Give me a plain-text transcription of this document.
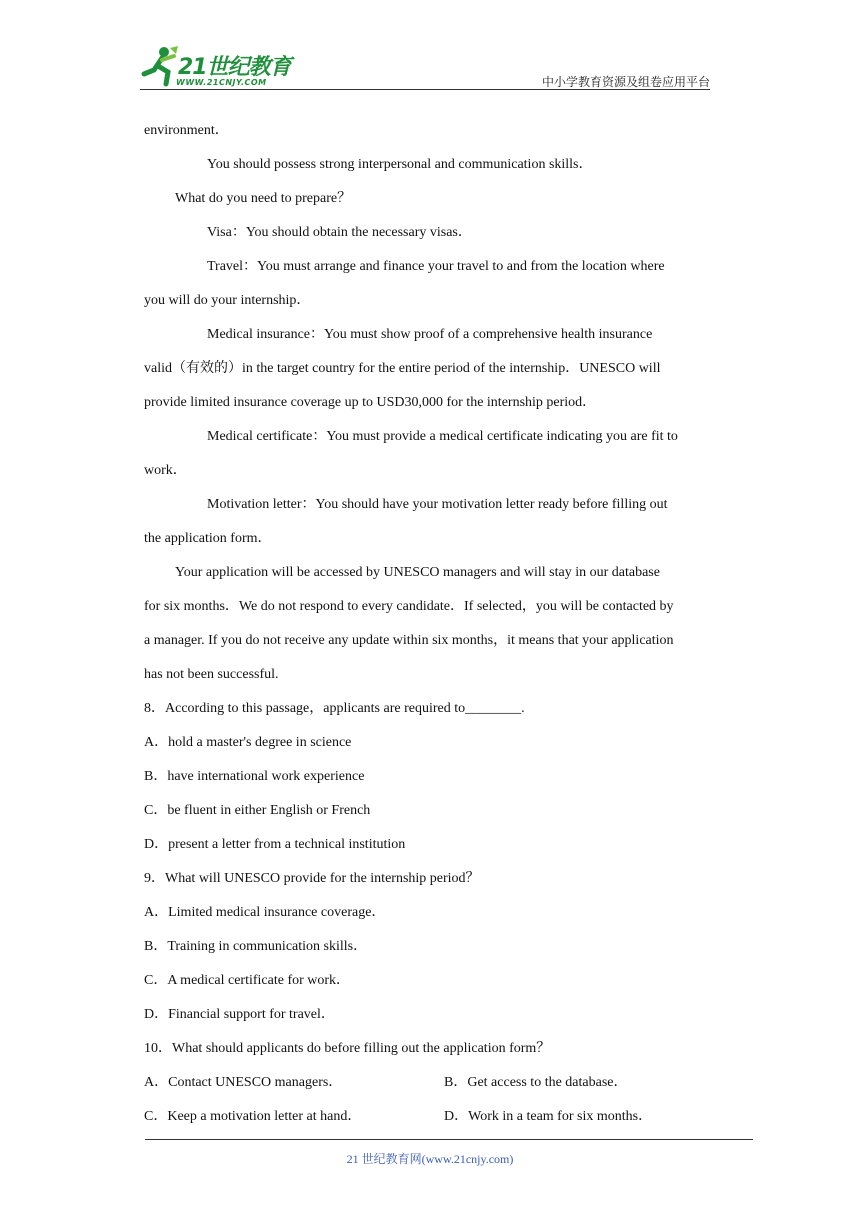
21世纪教育
WWW.21CNJY.COM	中小学教育资源及组卷应用平台
environment．
You should possess strong interpersonal and communication skills．
What do you need to prepare？
Visa：You should obtain the necessary visas．
Travel：You must arrange and finance your travel to and from the location where
you will do your internship．
Medical insurance：You must show proof of a comprehensive health insurance
valid（有效的）in the target country for the entire period of the internship．UNESCO will
provide limited insurance coverage up to USD30,000 for the internship period．
Medical certificate：You must provide a medical certificate indicating you are fit to
work．
Motivation letter：You should have your motivation letter ready before filling out
the application form．
Your application will be accessed by UNESCO managers and will stay in our database
for six months．We do not respond to every candidate．If selected，you will be contacted by
a manager. If you do not receive any update within six months，it means that your application
has not been successful.
8．According to this passage，applicants are required to________.
A．hold a master's degree in science
B．have international work experience
C．be fluent in either English or French
D．present a letter from a technical institution
9．What will UNESCO provide for the internship period？
A．Limited medical insurance coverage．
B．Training in communication skills．
C．A medical certificate for work．
D．Financial support for travel．
10．What should applicants do before filling out the application form？
A．Contact UNESCO managers．	B．Get access to the database．
C．Keep a motivation letter at hand．	D．Work in a team for six months．
21 世纪教育网(www.21cnjy.com)
